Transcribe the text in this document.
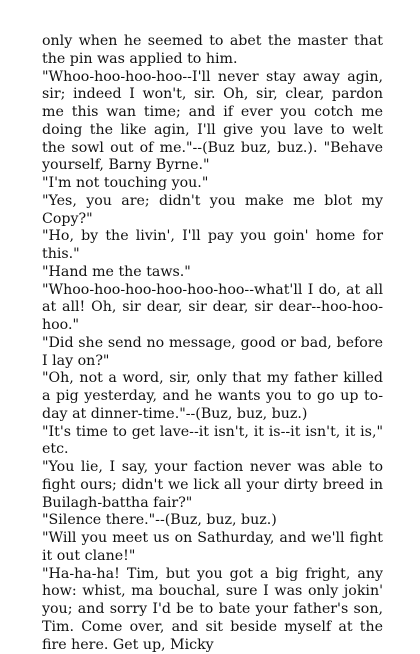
only when he seemed to abet the master that the pin was applied to him.

"Whoo-hoo-hoo-hoo--I'll never stay away agin, sir; indeed I won't, sir. Oh, sir, clear, pardon me this wan time; and if ever you cotch me doing the like agin, I'll give you lave to welt the sowl out of me."--(Buz buz, buz.). "Behave yourself, Barny Byrne."

"I'm not touching you."

"Yes, you are; didn't you make me blot my Copy?"

"Ho, by the livin', I'll pay you goin' home for this."

"Hand me the taws."

"Whoo-hoo-hoo-hoo-hoo-hoo--what'll I do, at all at all! Oh, sir dear, sir dear, sir dear--hoo-hoo-hoo."

"Did she send no message, good or bad, before I lay on?"

"Oh, not a word, sir, only that my father killed a pig yesterday, and he wants you to go up to-day at dinner-time."--(Buz, buz, buz.)

"It's time to get lave--it isn't, it is--it isn't, it is," etc.

"You lie, I say, your faction never was able to fight ours; didn't we lick all your dirty breed in Builagh-battha fair?"

"Silence there."--(Buz, buz, buz.)

"Will you meet us on Sathurday, and we'll fight it out clane!"

"Ha-ha-ha! Tim, but you got a big fright, any how: whist, ma bouchal, sure I was only jokin' you; and sorry I'd be to bate your father's son, Tim. Come over, and sit beside myself at the fire here. Get up, Micky
